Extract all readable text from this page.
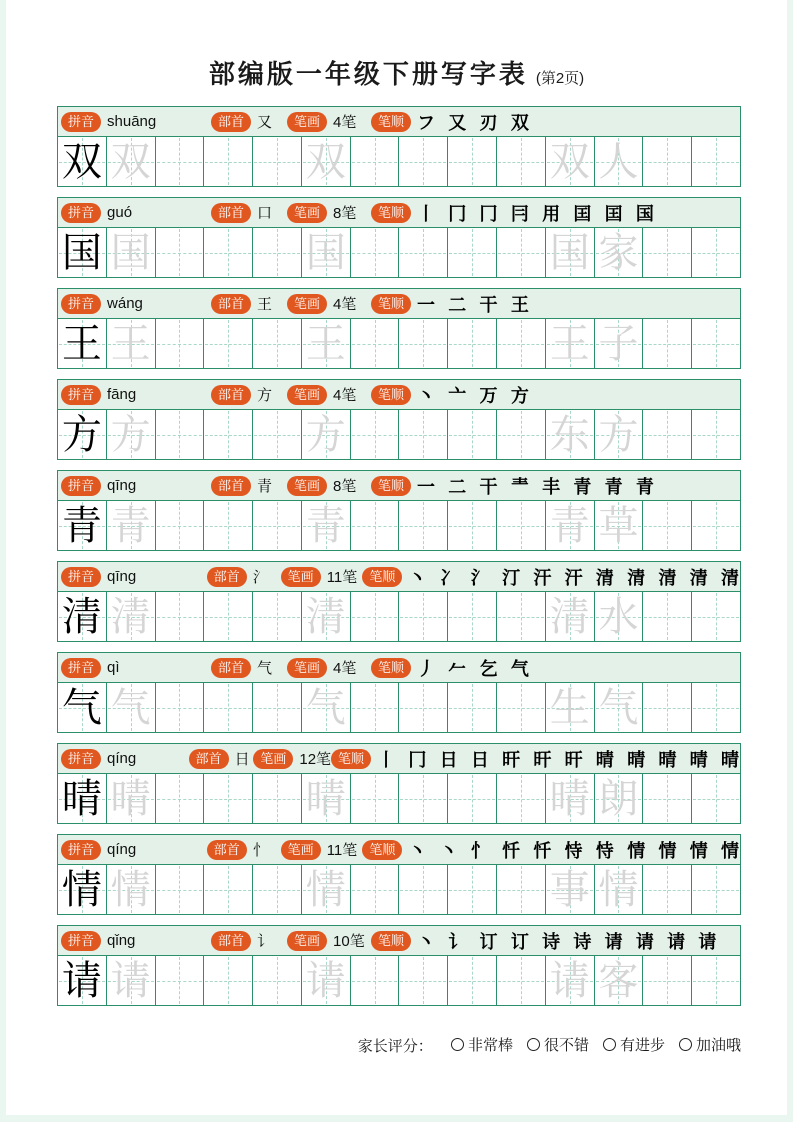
部编版一年级下册写字表 (第2页)
拼音 shuāng	部首 又	笔画 4笔	笔顺 フ 又 刃 双
双 双	双	双 人
拼音 guó	部首 口	笔画 8笔	笔顺 丨 冂 冂 冃 用 囯 囯 国
国 国	国	国 家
拼音 wáng	部首 王	笔画 4笔	笔顺 一 二 干 王
王 王	王	王 子
拼音 fāng	部首 方	笔画 4笔	笔顺 丶 亠 万 方
方 方	方	东 方
拼音 qīng	部首 青	笔画 8笔	笔顺 一 二 干 龶 丰 青 青 青
青 青	青	青 草
拼音 qīng	部首 氵	笔画 11笔 笔顺 丶 冫 氵 汀 汗 汗 清 清 清 清 清
清 清	清	清 水
拼音 qì	部首 气	笔画 4笔	笔顺 丿 𠂉 乞 气
气 气	气	生 气
拼音 qíng	部首 日 笔画 12笔 笔顺 丨 冂 日 日 旰 旰 旰 晴 晴 晴 晴 晴
晴 晴	晴	晴 朗
拼音 qíng	部首 忄	笔画 11笔 笔顺 丶 丶 忄 忏 忏 恃 恃 情 情 情 情
情 情	情	事 情
拼音 qǐng	部首 讠	笔画 10笔	笔顺 丶 讠 订 订 诗 诗 请 请 请 请
请 请	请	请 客
家长评分： 非常棒 很不错 有进步 加油哦
